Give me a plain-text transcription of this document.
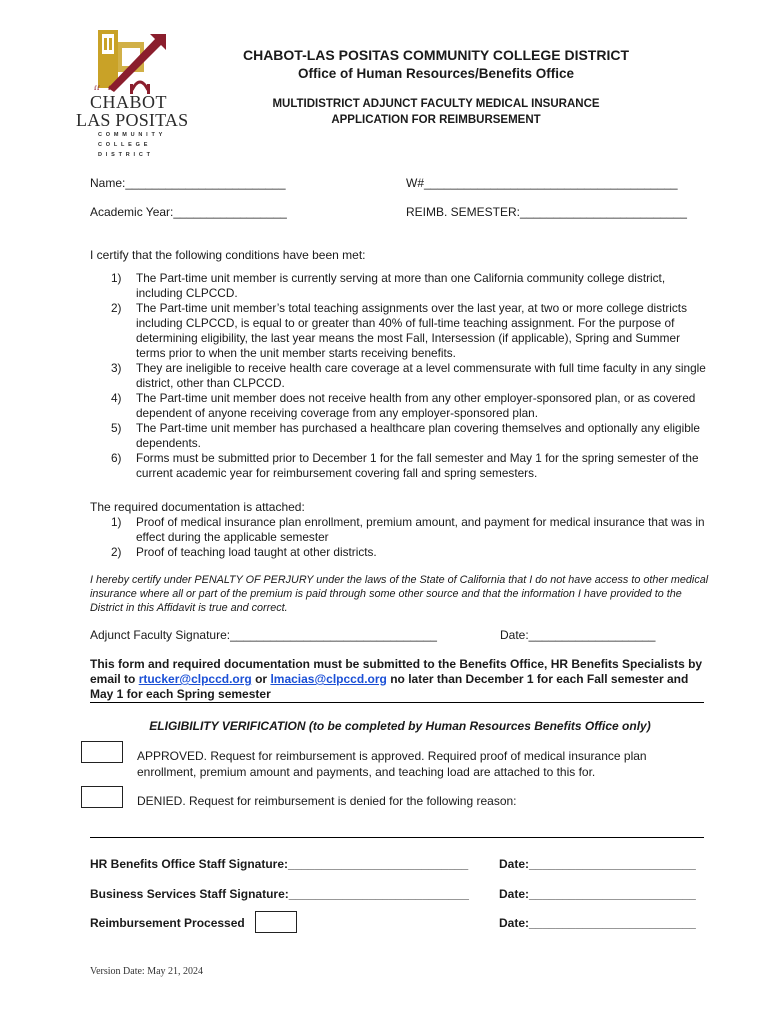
ɾɾ ɾɾ
CHABOT
LAS POSITAS
COMMUNITY
COLLEGE
DISTRICT
CHABOT-LAS POSITAS COMMUNITY COLLEGE DISTRICT
Office of Human Resources/Benefits Office
MULTIDISTRICT ADJUNCT FACULTY MEDICAL INSURANCE
APPLICATION FOR REIMBURSEMENT
Name:________________________	W#______________________________________
Academic Year:_________________	REIMB. SEMESTER:_________________________
I certify that the following conditions have been met:
1) The Part-time unit member is currently serving at more than one California community college district, including CLPCCD.
2) The Part-time unit member’s total teaching assignments over the last year, at two or more college districts including CLPCCD, is equal to or greater than 40% of full-time teaching assignment. For the purpose of determining eligibility, the last year means the most Fall, Intersession (if applicable), Spring and Summer terms prior to when the unit member starts receiving benefits.
3) They are ineligible to receive health care coverage at a level commensurate with full time faculty in any single district, other than CLPCCD.
4) The Part-time unit member does not receive health from any other employer-sponsored plan, or as covered dependent of anyone receiving coverage from any employer-sponsored plan.
5) The Part-time unit member has purchased a healthcare plan covering themselves and optionally any eligible dependents.
6) Forms must be submitted prior to December 1 for the fall semester and May 1 for the spring semester of the current academic year for reimbursement covering fall and spring semesters.
The required documentation is attached:
1) Proof of medical insurance plan enrollment, premium amount, and payment for medical insurance that was in effect during the applicable semester
2) Proof of teaching load taught at other districts.
I hereby certify under PENALTY OF PERJURY under the laws of the State of California that I do not have access to other medical insurance where all or part of the premium is paid through some other source and that the information I have provided to the District in this Affidavit is true and correct.
Adjunct Faculty Signature:_______________________________	Date:___________________
This form and required documentation must be submitted to the Benefits Office, HR Benefits Specialists by email to rtucker@clpccd.org or lmacias@clpccd.org no later than December 1 for each Fall semester and May 1 for each Spring semester
ELIGIBILITY VERIFICATION (to be completed by Human Resources Benefits Office only)
APPROVED. Request for reimbursement is approved. Required proof of medical insurance plan enrollment, premium amount and payments, and teaching load are attached to this for.
DENIED. Request for reimbursement is denied for the following reason:
HR Benefits Office Staff Signature:___________________________	Date:_________________________
Business Services Staff Signature:___________________________	Date:_________________________
Reimbursement Processed	Date:_________________________
Version Date: May 21, 2024
